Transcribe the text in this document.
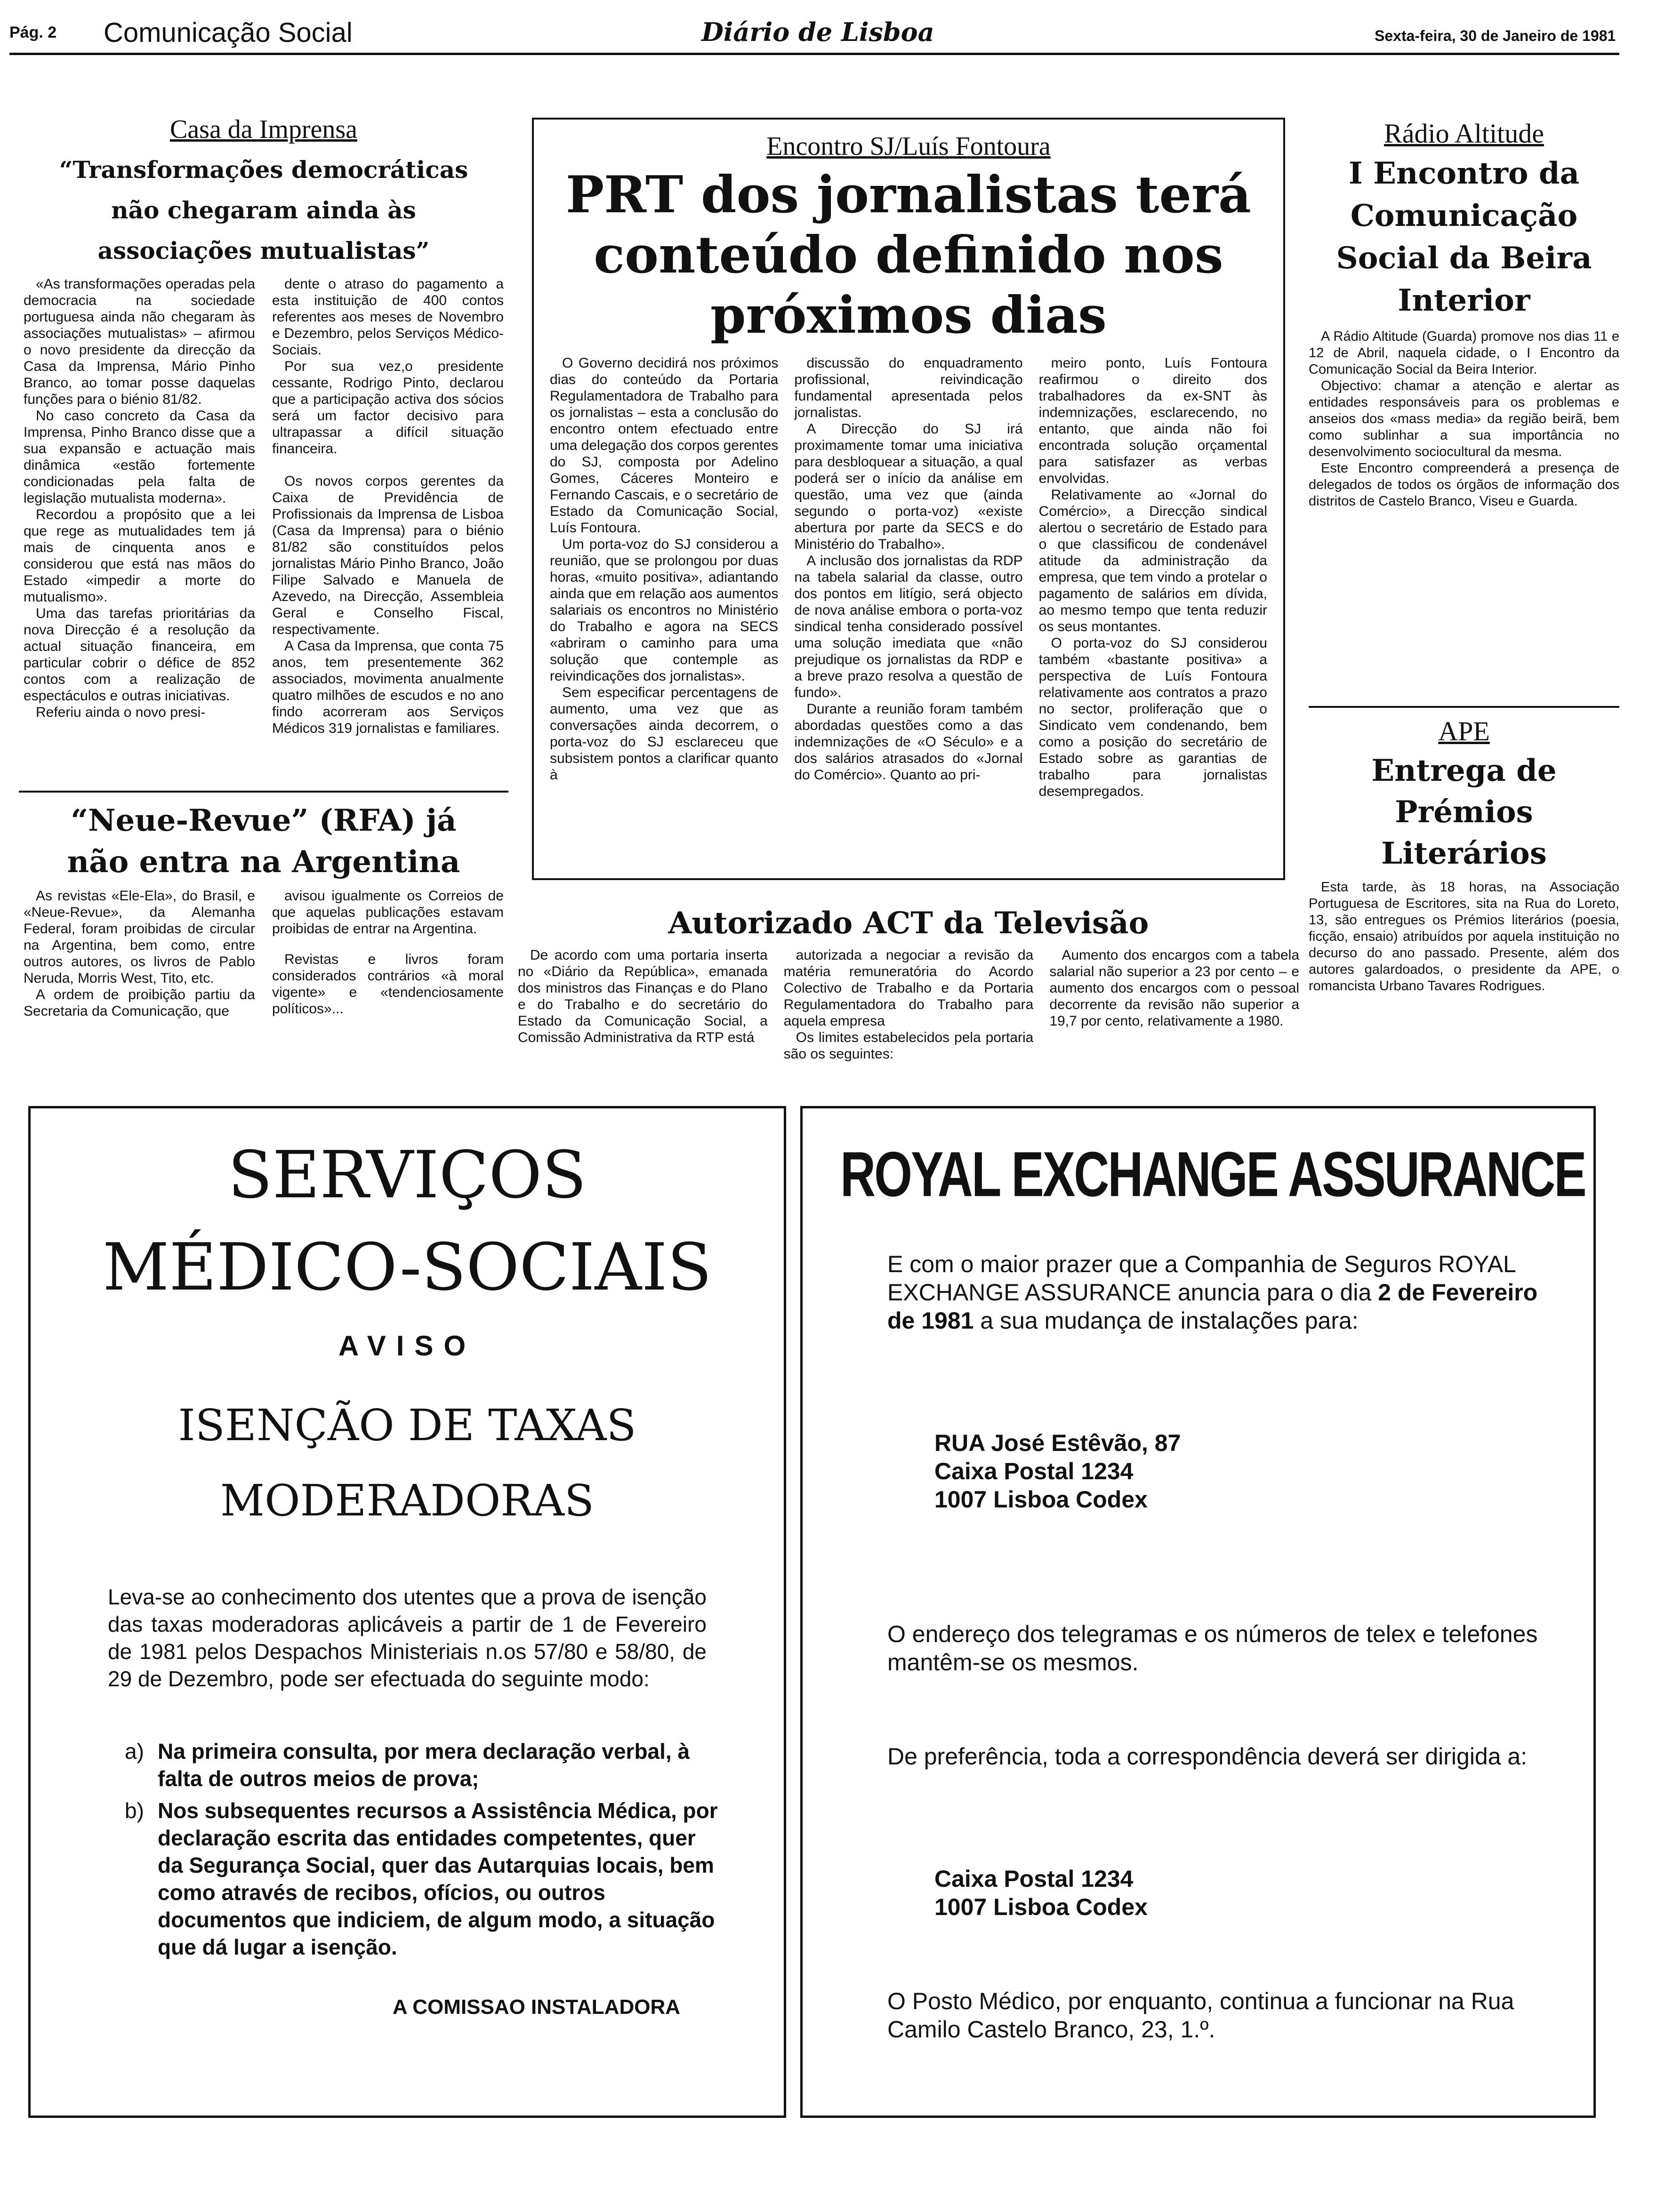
Pág. 2 Comunicação Social	Diário de Lisboa	Sexta-feira, 30 de Janeiro de 1981
Casa da Imprensa
“Transformações democráticas não chegaram ainda às associações mutualistas”

«As transformações operadas pela democracia na sociedade portuguesa ainda não chegaram às associações mutualistas» – afirmou o novo presidente da direcção da Casa da Imprensa, Mário Pinho Branco, ao tomar posse daquelas funções para o biénio 81/82.

No caso concreto da Casa da Imprensa, Pinho Branco disse que a sua expansão e actuação mais dinâmica «estão fortemente condicionadas pela falta de legislação mutualista moderna».

Recordou a propósito que a lei que rege as mutualidades tem já mais de cinquenta anos e considerou que está nas mãos do Estado «impedir a morte do mutualismo».

Uma das tarefas prioritárias da nova Direcção é a resolução da actual situação financeira, em particular cobrir o défice de 852 contos com a realização de espectáculos e outras iniciativas.

Referiu ainda o novo presi-

dente o atraso do pagamento a esta instituição de 400 contos referentes aos meses de Novembro e Dezembro, pelos Serviços Médico-Sociais.

Por sua vez,o presidente cessante, Rodrigo Pinto, declarou que a participação activa dos sócios será um factor decisivo para ultrapassar a difícil situação financeira.

Os novos corpos gerentes da Caixa de Previdência de Profissionais da Imprensa de Lisboa (Casa da Imprensa) para o biénio 81/82 são constituídos pelos jornalistas Mário Pinho Branco, João Filipe Salvado e Manuela de Azevedo, na Direcção, Assembleia Geral e Conselho Fiscal, respectivamente.

A Casa da Imprensa, que conta 75 anos, tem presentemente 362 associados, movimenta anualmente quatro milhões de escudos e no ano findo acorreram aos Serviços Médicos 319 jornalistas e familiares.

“Neue-Revue” (RFA) já não entra na Argentina

As revistas «Ele-Ela», do Brasil, e «Neue-Revue», da Alemanha Federal, foram proibidas de circular na Argentina, bem como, entre outros autores, os livros de Pablo Neruda, Morris West, Tito, etc.

A ordem de proibição partiu da Secretaria da Comunicação, que

avisou igualmente os Correios de que aquelas publicações estavam proibidas de entrar na Argentina.

Revistas e livros foram considerados contrários «à moral vigente» e «tendenciosamente políticos»...

Encontro SJ/Luís Fontoura
PRT dos jornalistas terá conteúdo definido nos próximos dias

O Governo decidirá nos próximos dias do conteúdo da Portaria Regulamentadora de Trabalho para os jornalistas – esta a conclusão do encontro ontem efectuado entre uma delegação dos corpos gerentes do SJ, composta por Adelino Gomes, Cáceres Monteiro e Fernando Cascais, e o secretário de Estado da Comunicação Social, Luís Fontoura.

Um porta-voz do SJ considerou a reunião, que se prolongou por duas horas, «muito positiva», adiantando ainda que em relação aos aumentos salariais os encontros no Ministério do Trabalho e agora na SECS «abriram o caminho para uma solução que contemple as reivindicações dos jornalistas».

Sem especificar percentagens de aumento, uma vez que as conversações ainda decorrem, o porta-voz do SJ esclareceu que subsistem pontos a clarificar quanto à

discussão do enquadramento profissional, reivindicação fundamental apresentada pelos jornalistas.

A Direcção do SJ irá proximamente tomar uma iniciativa para desbloquear a situação, a qual poderá ser o início da análise em questão, uma vez que (ainda segundo o porta-voz) «existe abertura por parte da SECS e do Ministério do Trabalho».

A inclusão dos jornalistas da RDP na tabela salarial da classe, outro dos pontos em litígio, será objecto de nova análise embora o porta-voz sindical tenha considerado possível uma solução imediata que «não prejudique os jornalistas da RDP e a breve prazo resolva a questão de fundo».

Durante a reunião foram também abordadas questões como a das indemnizações de «O Século» e a dos salários atrasados do «Jornal do Comércio». Quanto ao pri-

meiro ponto, Luís Fontoura reafirmou o direito dos trabalhadores da ex-SNT às indemnizações, esclarecendo, no entanto, que ainda não foi encontrada solução orçamental para satisfazer as verbas envolvidas.

Relativamente ao «Jornal do Comércio», a Direcção sindical alertou o secretário de Estado para o que classificou de condenável atitude da administração da empresa, que tem vindo a protelar o pagamento de salários em dívida, ao mesmo tempo que tenta reduzir os seus montantes.

O porta-voz do SJ considerou também «bastante positiva» a perspectiva de Luís Fontoura relativamente aos contratos a prazo no sector, proliferação que o Sindicato vem condenando, bem como a posição do secretário de Estado sobre as garantias de trabalho para jornalistas desempregados.

Autorizado ACT da Televisão

De acordo com uma portaria inserta no «Diário da República», emanada dos ministros das Finanças e do Plano e do Trabalho e do secretário do Estado da Comunicação Social, a Comissão Administrativa da RTP está

autorizada a negociar a revisão da matéria remuneratória do Acordo Colectivo de Trabalho e da Portaria Regulamentadora do Trabalho para aquela empresa

Os limites estabelecidos pela portaria são os seguintes:

Aumento dos encargos com a tabela salarial não superior a 23 por cento – e aumento dos encargos com o pessoal decorrente da revisão não superior a 19,7 por cento, relativamente a 1980.

Rádio Altitude
I Encontro da Comunicação Social da Beira Interior

A Rádio Altitude (Guarda) promove nos dias 11 e 12 de Abril, naquela cidade, o I Encontro da Comunicação Social da Beira Interior.

Objectivo: chamar a atenção e alertar as entidades responsáveis para os problemas e anseios dos «mass media» da região beirã, bem como sublinhar a sua importância no desenvolvimento sociocultural da mesma.

Este Encontro compreenderá a presença de delegados de todos os órgãos de informação dos distritos de Castelo Branco, Viseu e Guarda.

APE
Entrega de Prémios Literários

Esta tarde, às 18 horas, na Associação Portuguesa de Escritores, sita na Rua do Loreto, 13, são entregues os Prémios literários (poesia, ficção, ensaio) atribuídos por aquela instituição no decurso do ano passado. Presente, além dos autores galardoados, o presidente da APE, o romancista Urbano Tavares Rodrigues.

SERVIÇOS
MÉDICO-SOCIAIS
AVISO
ISENÇÃO DE TAXAS
MODERADORAS
Leva-se ao conhecimento dos utentes que a prova de isenção das taxas moderadoras aplicáveis a partir de 1 de Fevereiro de 1981 pelos Despachos Ministeriais n.os 57/80 e 58/80, de 29 de Dezembro, pode ser efectuada do seguinte modo:
a) Na primeira consulta, por mera declaração verbal, à falta de outros meios de prova;
b) Nos subsequentes recursos a Assistência Médica, por declaração escrita das entidades competentes, quer da Segurança Social, quer das Autarquias locais, bem como através de recibos, ofícios, ou outros documentos que indiciem, de algum modo, a situação que dá lugar a isenção.
A COMISSAO INSTALADORA
ROYAL EXCHANGE ASSURANCE
E com o maior prazer que a Companhia de Seguros ROYAL EXCHANGE ASSURANCE anuncia para o dia 2 de Fevereiro de 1981 a sua mudança de instalações para:
RUA José Estêvão, 87
Caixa Postal 1234
1007 Lisboa Codex
O endereço dos telegramas e os números de telex e telefones mantêm-se os mesmos.
De preferência, toda a correspondência deverá ser dirigida a:
Caixa Postal 1234
1007 Lisboa Codex
O Posto Médico, por enquanto, continua a funcionar na Rua Camilo Castelo Branco, 23, 1.º.
